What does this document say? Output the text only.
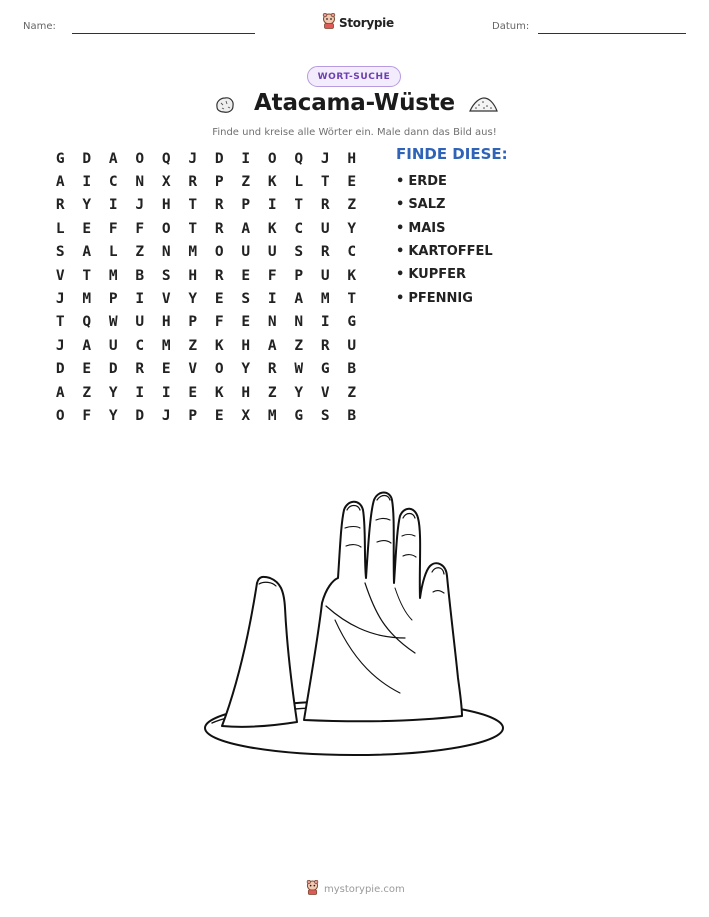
Name:	Storypie	Datum:
WORT-SUCHE
Atacama-Wüste
Finde und kreise alle Wörter ein. Male dann das Bild aus!
G	D	A	O	Q	J	D	I	O	Q	J	H
A	I	C	N	X	R	P	Z	K	L	T	E
R	Y	I	J	H	T	R	P	I	T	R	Z
L	E	F	F	O	T	R	A	K	C	U	Y
S	A	L	Z	N	M	O	U	U	S	R	C
V	T	M	B	S	H	R	E	F	P	U	K
J	M	P	I	V	Y	E	S	I	A	M	T
T	Q	W	U	H	P	F	E	N	N	I	G
J	A	U	C	M	Z	K	H	A	Z	R	U
D	E	D	R	E	V	O	Y	R	W	G	B
A	Z	Y	I	I	E	K	H	Z	Y	V	Z
O	F	Y	D	J	P	E	X	M	G	S	B
FINDE DIESE:
• ERDE
• SALZ
• MAIS
• KARTOFFEL
• KUPFER
• PFENNIG
mystorypie.com
